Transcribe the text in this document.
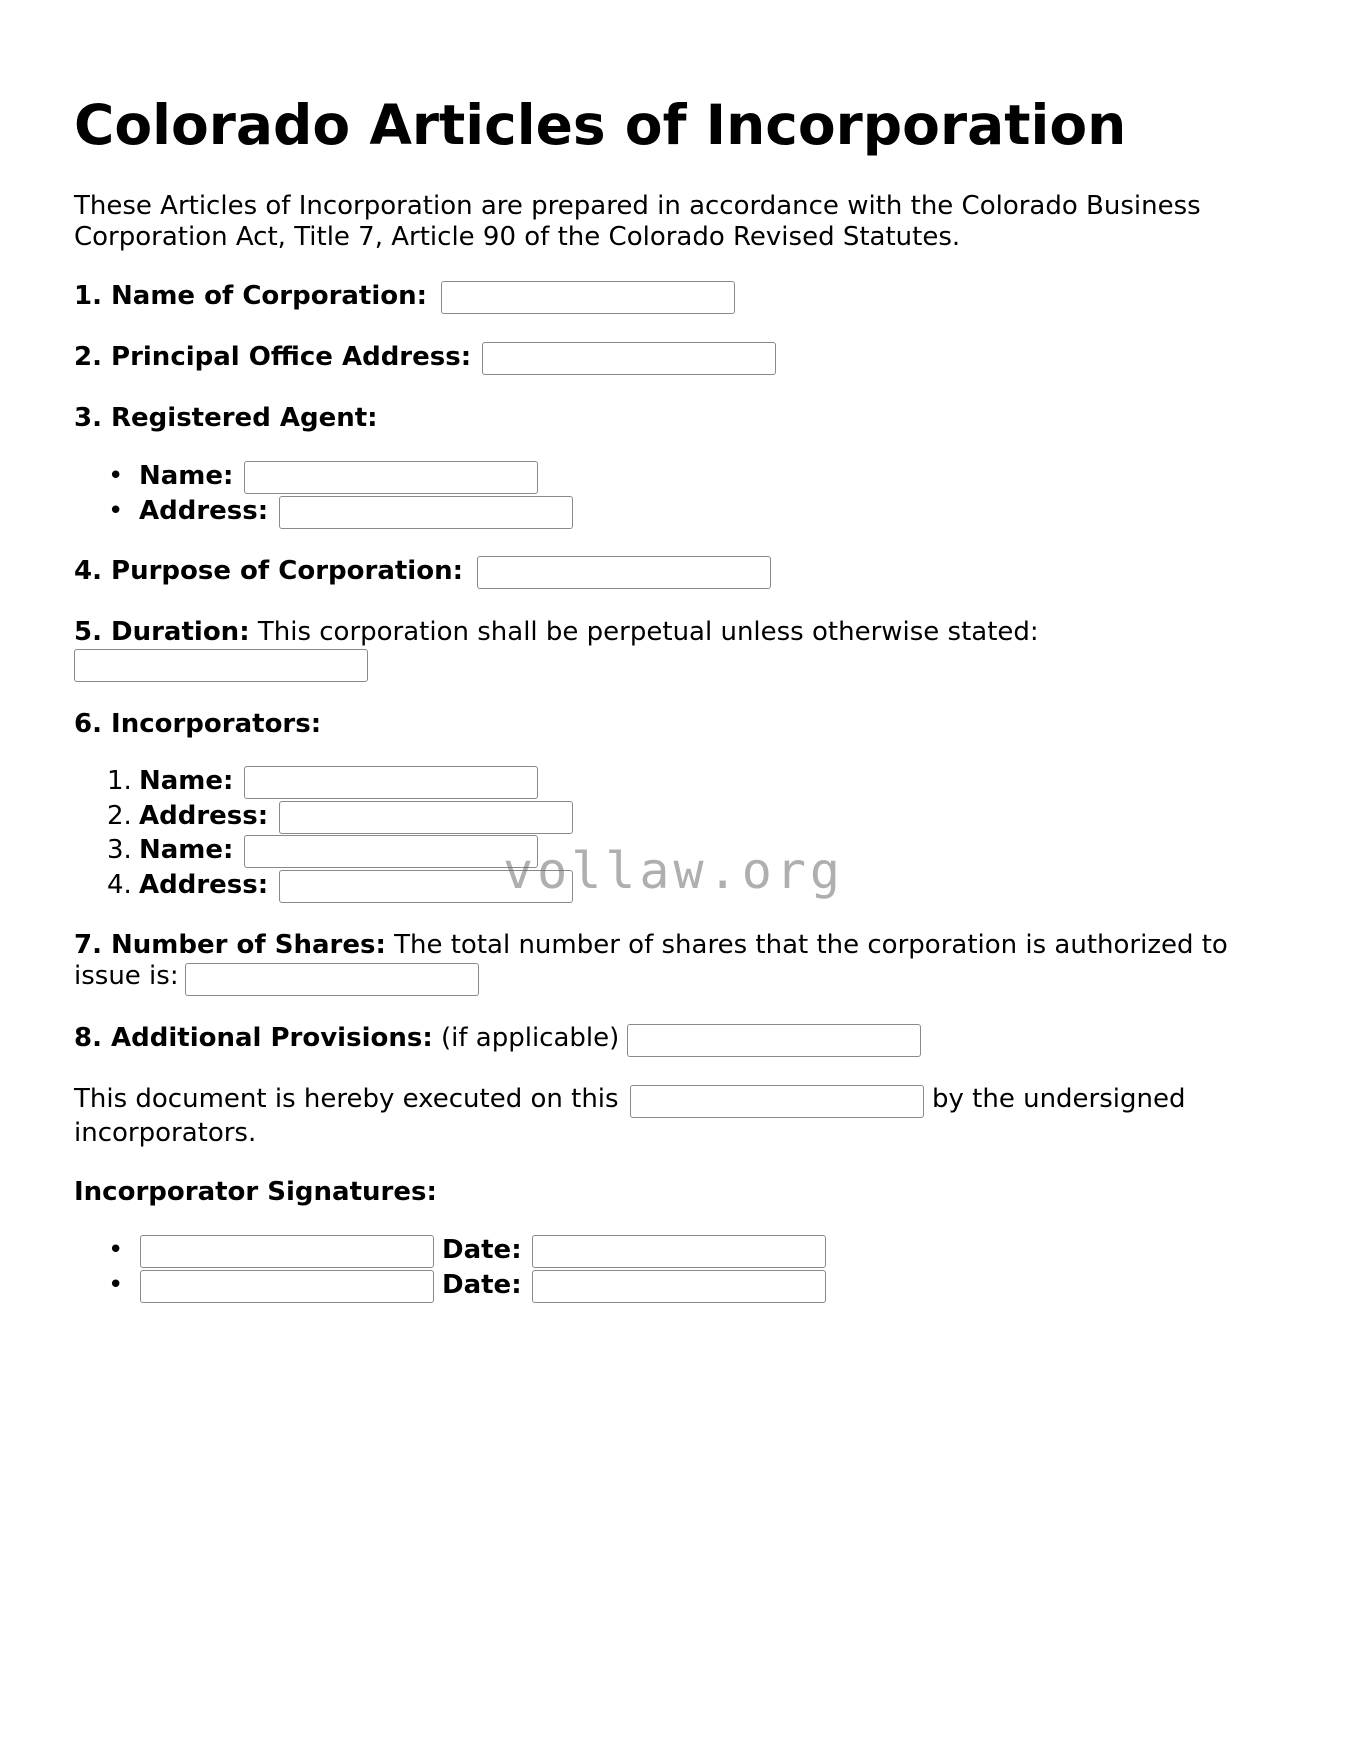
Colorado Articles of Incorporation

These Articles of Incorporation are prepared in accordance with the Colorado Business Corporation Act, Title 7, Article 90 of the Colorado Revised Statutes.

1. Name of Corporation:
2. Principal Office Address:
3. Registered Agent:
• Name:
• Address:
4. Purpose of Corporation:
5. Duration: This corporation shall be perpetual unless otherwise stated:
6. Incorporators:
1. Name:
2. Address:
3. Name:
4. Address:
7. Number of Shares: The total number of shares that the corporation is authorized to
issue is:
8. Additional Provisions: (if applicable)
This document is hereby executed on this	by the undersigned
incorporators.
Incorporator Signatures:
•	Date:
•	Date:
vollaw.org
